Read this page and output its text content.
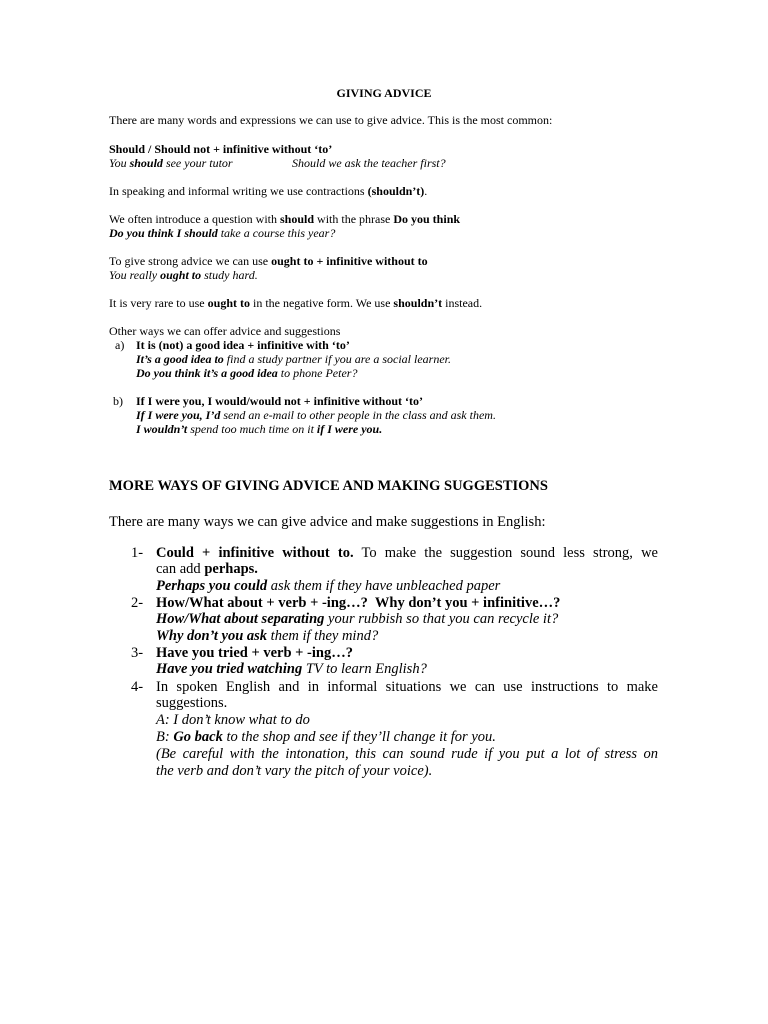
GIVING ADVICE
There are many words and expressions we can use to give advice. This is the most common:
Should / Should not + infinitive without ‘to’
You should see your tutor	Should we ask the teacher first?
In speaking and informal writing we use contractions (shouldn’t).
We often introduce a question with should with the phrase Do you think
Do you think I should take a course this year?
To give strong advice we can use ought to + infinitive without to
You really ought to study hard.
It is very rare to use ought to in the negative form. We use shouldn’t instead.
Other ways we can offer advice and suggestions
a) It is (not) a good idea + infinitive with ‘to’
It’s a good idea to find a study partner if you are a social learner.
Do you think it’s a good idea to phone Peter?
b) If I were you, I would/would not + infinitive without ‘to’
If I were you, I’d send an e-mail to other people in the class and ask them.
I wouldn’t spend too much time on it if I were you.
MORE WAYS OF GIVING ADVICE AND MAKING SUGGESTIONS
There are many ways we can give advice and make suggestions in English:
1- Could + infinitive without to. To make the suggestion sound less strong, we
can add perhaps.
Perhaps you could ask them if they have unbleached paper
2- How/What about + verb + -ing…?  Why don’t you + infinitive…?
How/What about separating your rubbish so that you can recycle it?
Why don’t you ask them if they mind?
3- Have you tried + verb + -ing…?
Have you tried watching TV to learn English?
4- In spoken English and in informal situations we can use instructions to make
suggestions.
A: I don’t know what to do
B: Go back to the shop and see if they’ll change it for you.
(Be careful with the intonation, this can sound rude if you put a lot of stress on
the verb and don’t vary the pitch of your voice).
